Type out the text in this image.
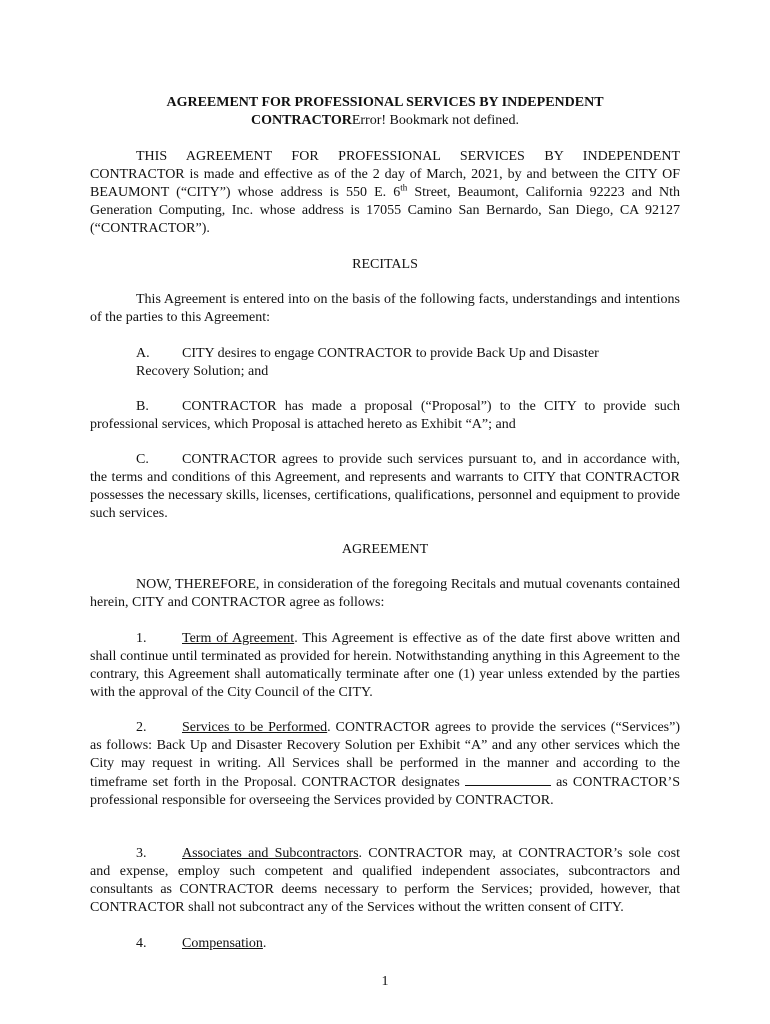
AGREEMENT FOR PROFESSIONAL SERVICES BY INDEPENDENT
CONTRACTORError! Bookmark not defined.
THIS AGREEMENT FOR PROFESSIONAL SERVICES BY INDEPENDENT CONTRACTOR is made and effective as of the 2 day of March, 2021, by and between the CITY OF BEAUMONT (“CITY”) whose address is 550 E. 6th Street, Beaumont, California 92223 and Nth Generation Computing, Inc. whose address is 17055 Camino San Bernardo, San Diego, CA 92127 (“CONTRACTOR”).
RECITALS
This Agreement is entered into on the basis of the following facts, understandings and intentions of the parties to this Agreement:
A. CITY desires to engage CONTRACTOR to provide Back Up and Disaster Recovery Solution; and
B. CONTRACTOR has made a proposal (“Proposal”) to the CITY to provide such professional services, which Proposal is attached hereto as Exhibit “A”; and
C. CONTRACTOR agrees to provide such services pursuant to, and in accordance with, the terms and conditions of this Agreement, and represents and warrants to CITY that CONTRACTOR possesses the necessary skills, licenses, certifications, qualifications, personnel and equipment to provide such services.
AGREEMENT
NOW, THEREFORE, in consideration of the foregoing Recitals and mutual covenants contained herein, CITY and CONTRACTOR agree as follows:
1.	Term of Agreement. This Agreement is effective as of the date first above written and shall continue until terminated as provided for herein. Notwithstanding anything in this Agreement to the contrary, this Agreement shall automatically terminate after one (1) year unless extended by the parties with the approval of the City Council of the CITY.
2.	Services to be Performed. CONTRACTOR agrees to provide the services (“Services”) as follows: Back Up and Disaster Recovery Solution per Exhibit “A” and any other services which the City may request in writing. All Services shall be performed in the manner and according to the timeframe set forth in the Proposal. CONTRACTOR designates	as CONTRACTOR’S professional responsible for overseeing the Services provided by CONTRACTOR.
3.	Associates and Subcontractors. CONTRACTOR may, at CONTRACTOR’s sole cost and expense, employ such competent and qualified independent associates, subcontractors and consultants as CONTRACTOR deems necessary to perform the Services; provided, however, that CONTRACTOR shall not subcontract any of the Services without the written consent of CITY.
4.	Compensation.
1
